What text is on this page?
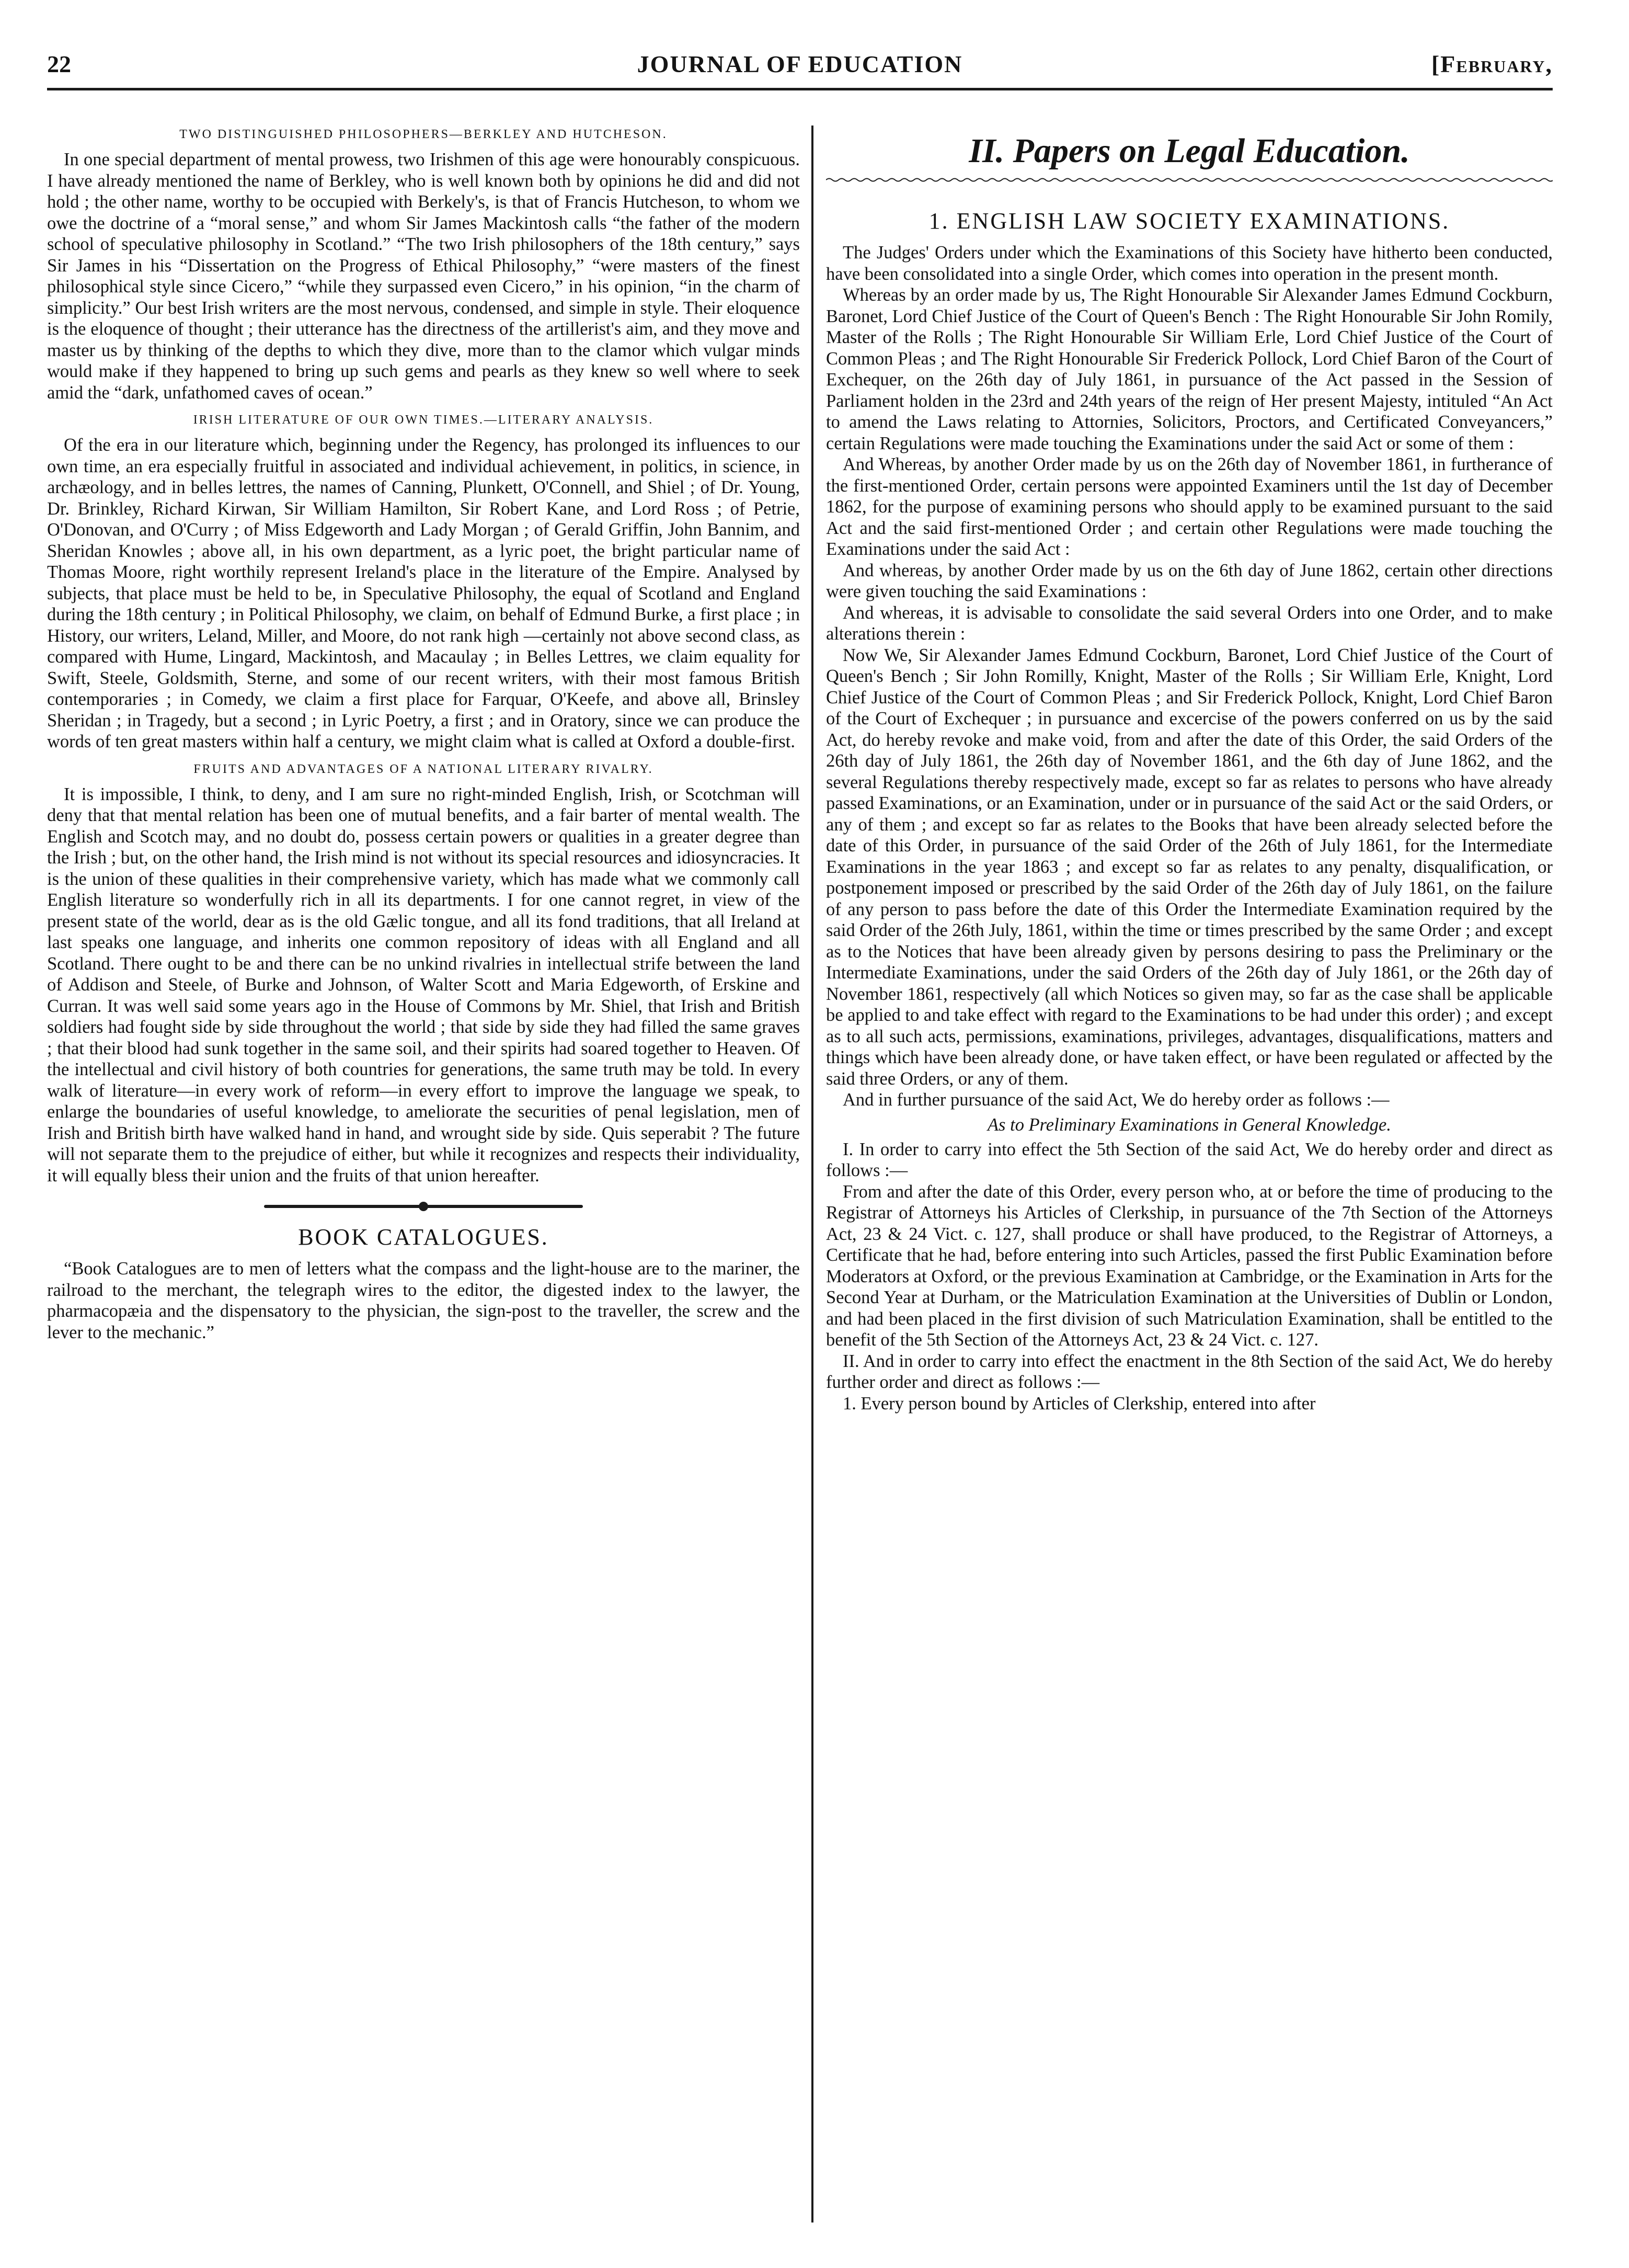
22	JOURNAL OF EDUCATION	[February,
TWO DISTINGUISHED PHILOSOPHERS—BERKLEY AND HUTCHESON.

In one special department of mental prowess, two Irishmen of this age were honourably conspicuous. I have already mentioned the name of Berkley, who is well known both by opinions he did and did not hold ; the other name, worthy to be occupied with Berkely's, is that of Francis Hutcheson, to whom we owe the doctrine of a “moral sense,” and whom Sir James Mackintosh calls “the father of the modern school of speculative philosophy in Scotland.” “The two Irish philosophers of the 18th century,” says Sir James in his “Dissertation on the Progress of Ethical Philosophy,” “were masters of the finest philosophical style since Cicero,” “while they surpassed even Cicero,” in his opinion, “in the charm of simplicity.” Our best Irish writers are the most nervous, condensed, and simple in style. Their eloquence is the eloquence of thought ; their utterance has the directness of the artillerist's aim, and they move and master us by thinking of the depths to which they dive, more than to the clamor which vulgar minds would make if they happened to bring up such gems and pearls as they knew so well where to seek amid the “dark, unfathomed caves of ocean.”

IRISH LITERATURE OF OUR OWN TIMES.—LITERARY ANALYSIS.

Of the era in our literature which, beginning under the Regency, has prolonged its influences to our own time, an era especially fruitful in associated and individual achievement, in politics, in science, in archæology, and in belles lettres, the names of Canning, Plunkett, O'Connell, and Shiel ; of Dr. Young, Dr. Brinkley, Richard Kirwan, Sir William Hamilton, Sir Robert Kane, and Lord Ross ; of Petrie, O'Donovan, and O'Curry ; of Miss Edgeworth and Lady Morgan ; of Gerald Griffin, John Bannim, and Sheridan Knowles ; above all, in his own department, as a lyric poet, the bright particular name of Thomas Moore, right worthily represent Ireland's place in the literature of the Empire. Analysed by subjects, that place must be held to be, in Speculative Philosophy, the equal of Scotland and England during the 18th century ; in Political Philosophy, we claim, on behalf of Edmund Burke, a first place ; in History, our writers, Leland, Miller, and Moore, do not rank high —certainly not above second class, as compared with Hume, Lingard, Mackintosh, and Macaulay ; in Belles Lettres, we claim equality for Swift, Steele, Goldsmith, Sterne, and some of our recent writers, with their most famous British contemporaries ; in Comedy, we claim a first place for Farquar, O'Keefe, and above all, Brinsley Sheridan ; in Tragedy, but a second ; in Lyric Poetry, a first ; and in Oratory, since we can produce the words of ten great masters within half a century, we might claim what is called at Oxford a double-first.

FRUITS AND ADVANTAGES OF A NATIONAL LITERARY RIVALRY.

It is impossible, I think, to deny, and I am sure no right-minded English, Irish, or Scotchman will deny that that mental relation has been one of mutual benefits, and a fair barter of mental wealth. The English and Scotch may, and no doubt do, possess certain powers or qualities in a greater degree than the Irish ; but, on the other hand, the Irish mind is not without its special resources and idiosyncracies. It is the union of these qualities in their comprehensive variety, which has made what we commonly call English literature so wonderfully rich in all its departments. I for one cannot regret, in view of the present state of the world, dear as is the old Gælic tongue, and all its fond traditions, that all Ireland at last speaks one language, and inherits one common repository of ideas with all England and all Scotland. There ought to be and there can be no unkind rivalries in intellectual strife between the land of Addison and Steele, of Burke and Johnson, of Walter Scott and Maria Edgeworth, of Erskine and Curran. It was well said some years ago in the House of Commons by Mr. Shiel, that Irish and British soldiers had fought side by side throughout the world ; that side by side they had filled the same graves ; that their blood had sunk together in the same soil, and their spirits had soared together to Heaven. Of the intellectual and civil history of both countries for generations, the same truth may be told. In every walk of literature—in every work of reform—in every effort to improve the language we speak, to enlarge the boundaries of useful knowledge, to ameliorate the securities of penal legislation, men of Irish and British birth have walked hand in hand, and wrought side by side. Quis seperabit ? The future will not separate them to the prejudice of either, but while it recognizes and respects their individuality, it will equally bless their union and the fruits of that union hereafter.

BOOK CATALOGUES.

“Book Catalogues are to men of letters what the compass and the light-house are to the mariner, the railroad to the merchant, the telegraph wires to the editor, the digested index to the lawyer, the pharmacopæia and the dispensatory to the physician, the sign-post to the traveller, the screw and the lever to the mechanic.”

II. Papers on Legal Education.
1. ENGLISH LAW SOCIETY EXAMINATIONS.

The Judges' Orders under which the Examinations of this Society have hitherto been conducted, have been consolidated into a single Order, which comes into operation in the present month.

Whereas by an order made by us, The Right Honourable Sir Alexander James Edmund Cockburn, Baronet, Lord Chief Justice of the Court of Queen's Bench : The Right Honourable Sir John Romily, Master of the Rolls ; The Right Honourable Sir William Erle, Lord Chief Justice of the Court of Common Pleas ; and The Right Honourable Sir Frederick Pollock, Lord Chief Baron of the Court of Exchequer, on the 26th day of July 1861, in pursuance of the Act passed in the Session of Parliament holden in the 23rd and 24th years of the reign of Her present Majesty, intituled “An Act to amend the Laws relating to Attornies, Solicitors, Proctors, and Certificated Conveyancers,” certain Regulations were made touching the Examinations under the said Act or some of them :

And Whereas, by another Order made by us on the 26th day of November 1861, in furtherance of the first-mentioned Order, certain persons were appointed Examiners until the 1st day of December 1862, for the purpose of examining persons who should apply to be examined pursuant to the said Act and the said first-mentioned Order ; and certain other Regulations were made touching the Examinations under the said Act :

And whereas, by another Order made by us on the 6th day of June 1862, certain other directions were given touching the said Examinations :

And whereas, it is advisable to consolidate the said several Orders into one Order, and to make alterations therein :

Now We, Sir Alexander James Edmund Cockburn, Baronet, Lord Chief Justice of the Court of Queen's Bench ; Sir John Romilly, Knight, Master of the Rolls ; Sir William Erle, Knight, Lord Chief Justice of the Court of Common Pleas ; and Sir Frederick Pollock, Knight, Lord Chief Baron of the Court of Exchequer ; in pursuance and excercise of the powers conferred on us by the said Act, do hereby revoke and make void, from and after the date of this Order, the said Orders of the 26th day of July 1861, the 26th day of November 1861, and the 6th day of June 1862, and the several Regulations thereby respectively made, except so far as relates to persons who have already passed Examinations, or an Examination, under or in pursuance of the said Act or the said Orders, or any of them ; and except so far as relates to the Books that have been already selected before the date of this Order, in pursuance of the said Order of the 26th of July 1861, for the Intermediate Examinations in the year 1863 ; and except so far as relates to any penalty, disqualification, or postponement imposed or prescribed by the said Order of the 26th day of July 1861, on the failure of any person to pass before the date of this Order the Intermediate Examination required by the said Order of the 26th July, 1861, within the time or times prescribed by the same Order ; and except as to the Notices that have been already given by persons desiring to pass the Preliminary or the Intermediate Examinations, under the said Orders of the 26th day of July 1861, or the 26th day of November 1861, respectively (all which Notices so given may, so far as the case shall be applicable be applied to and take effect with regard to the Examinations to be had under this order) ; and except as to all such acts, permissions, examinations, privileges, advantages, disqualifications, matters and things which have been already done, or have taken effect, or have been regulated or affected by the said three Orders, or any of them.

And in further pursuance of the said Act, We do hereby order as follows :—

As to Preliminary Examinations in General Knowledge.

I. In order to carry into effect the 5th Section of the said Act, We do hereby order and direct as follows :—

From and after the date of this Order, every person who, at or before the time of producing to the Registrar of Attorneys his Articles of Clerkship, in pursuance of the 7th Section of the Attorneys Act, 23 & 24 Vict. c. 127, shall produce or shall have produced, to the Registrar of Attorneys, a Certificate that he had, before entering into such Articles, passed the first Public Examination before Moderators at Oxford, or the previous Examination at Cambridge, or the Examination in Arts for the Second Year at Durham, or the Matriculation Examination at the Universities of Dublin or London, and had been placed in the first division of such Matriculation Examination, shall be entitled to the benefit of the 5th Section of the Attorneys Act, 23 & 24 Vict. c. 127.

II. And in order to carry into effect the enactment in the 8th Section of the said Act, We do hereby further order and direct as follows :—

1. Every person bound by Articles of Clerkship, entered into after
